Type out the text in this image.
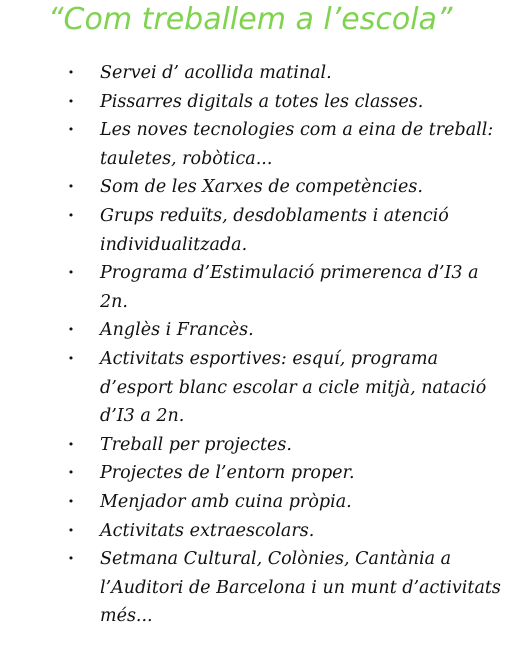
“Com treballem a l’escola”
• Servei d’ acollida matinal.
• Pissarres digitals a totes les classes.
• Les noves tecnologies com a eina de treball: tauletes, robòtica...
• Som de les Xarxes de competències.
• Grups reduïts, desdoblaments i atenció individualitzada.
• Programa d’Estimulació primerenca d’I3 a 2n.
• Anglès i Francès.
• Activitats esportives: esquí, programa d’esport blanc escolar a cicle mitjà, natació d’I3 a 2n.
• Treball per projectes.
• Projectes de l’entorn proper.
• Menjador amb cuina pròpia.
• Activitats extraescolars.
• Setmana Cultural, Colònies, Cantània a l’Auditori de Barcelona i un munt d’activitats més...
